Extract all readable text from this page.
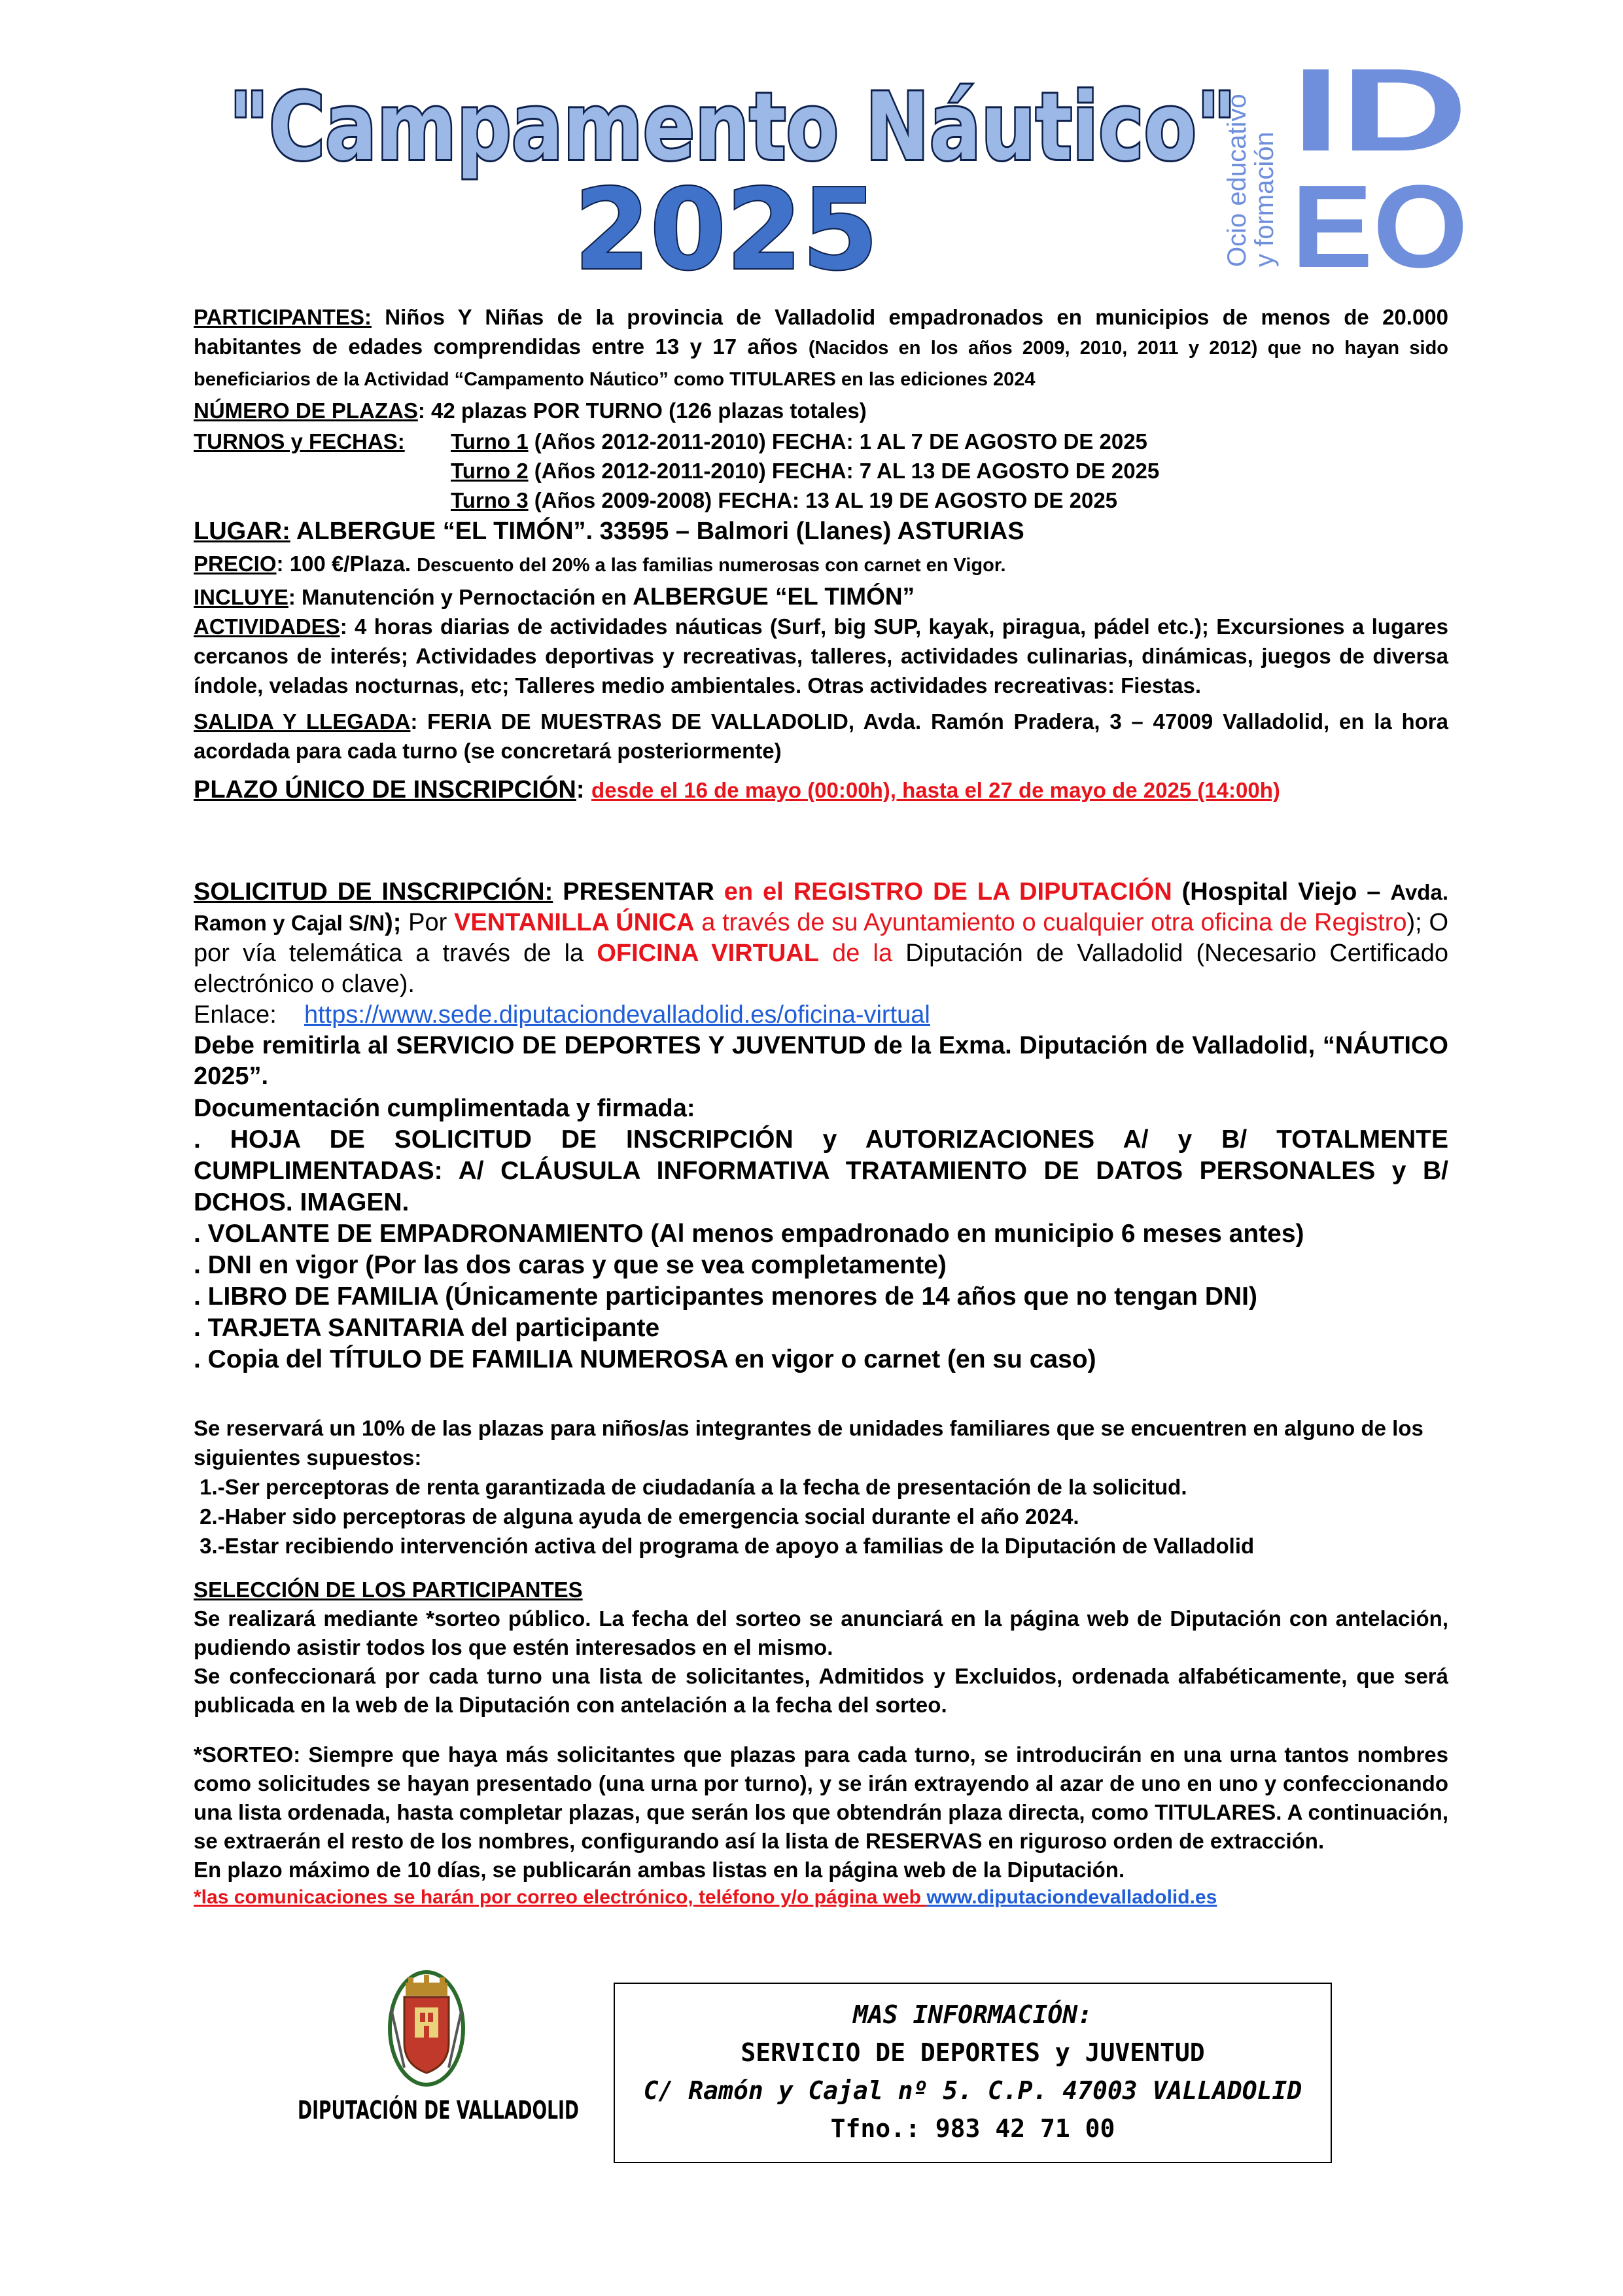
"Campamento Náutico"
2025	Ocio educativo
y formación
ID
EO
PARTICIPANTES: Niños Y Niñas de la provincia de Valladolid empadronados en municipios de menos de 20.000 habitantes de edades comprendidas entre 13 y 17 años (Nacidos en los años 2009, 2010, 2011 y 2012) que no hayan sido beneficiarios de la Actividad “Campamento Náutico” como TITULARES en las ediciones 2024
NÚMERO DE PLAZAS: 42 plazas POR TURNO (126 plazas totales)
TURNOS y FECHAS: Turno 1 (Años 2012-2011-2010) FECHA: 1 AL 7 DE AGOSTO DE 2025
Turno 2 (Años 2012-2011-2010) FECHA: 7 AL 13 DE AGOSTO DE 2025
Turno 3 (Años 2009-2008) FECHA: 13 AL 19 DE AGOSTO DE 2025
LUGAR: ALBERGUE “EL TIMÓN”. 33595 – Balmori (Llanes) ASTURIAS
PRECIO: 100 €/Plaza. Descuento del 20% a las familias numerosas con carnet en Vigor.
INCLUYE: Manutención y Pernoctación en ALBERGUE “EL TIMÓN”
ACTIVIDADES: 4 horas diarias de actividades náuticas (Surf, big SUP, kayak, piragua, pádel etc.); Excursiones a lugares cercanos de interés; Actividades deportivas y recreativas, talleres, actividades culinarias, dinámicas, juegos de diversa índole, veladas nocturnas, etc; Talleres medio ambientales. Otras actividades recreativas: Fiestas.
SALIDA Y LLEGADA: FERIA DE MUESTRAS DE VALLADOLID, Avda. Ramón Pradera, 3 – 47009 Valladolid, en la hora acordada para cada turno (se concretará posteriormente)
PLAZO ÚNICO DE INSCRIPCIÓN: desde el 16 de mayo (00:00h), hasta el 27 de mayo de 2025 (14:00h)
SOLICITUD DE INSCRIPCIÓN: PRESENTAR en el REGISTRO DE LA DIPUTACIÓN (Hospital Viejo – Avda. Ramon y Cajal S/N); Por VENTANILLA ÚNICA a través de su Ayuntamiento o cualquier otra oficina de Registro); O por vía telemática a través de la OFICINA VIRTUAL de la Diputación de Valladolid (Necesario Certificado electrónico o clave).
Enlace: https://www.sede.diputaciondevalladolid.es/oficina-virtual
Debe remitirla al SERVICIO DE DEPORTES Y JUVENTUD de la Exma. Diputación de Valladolid, “NÁUTICO 2025”.
Documentación cumplimentada y firmada:
. HOJA DE SOLICITUD DE INSCRIPCIÓN y AUTORIZACIONES A/ y B/ TOTALMENTE CUMPLIMENTADAS: A/ CLÁUSULA INFORMATIVA TRATAMIENTO DE DATOS PERSONALES y B/ DCHOS. IMAGEN.
. VOLANTE DE EMPADRONAMIENTO (Al menos empadronado en municipio 6 meses antes)
. DNI en vigor (Por las dos caras y que se vea completamente)
. LIBRO DE FAMILIA (Únicamente participantes menores de 14 años que no tengan DNI)
. TARJETA SANITARIA del participante
. Copia del TÍTULO DE FAMILIA NUMEROSA en vigor o carnet (en su caso)
Se reservará un 10% de las plazas para niños/as integrantes de unidades familiares que se encuentren en alguno de los siguientes supuestos:
1.-Ser perceptoras de renta garantizada de ciudadanía a la fecha de presentación de la solicitud.
2.-Haber sido perceptoras de alguna ayuda de emergencia social durante el año 2024.
3.-Estar recibiendo intervención activa del programa de apoyo a familias de la Diputación de Valladolid
SELECCIÓN DE LOS PARTICIPANTES
Se realizará mediante *sorteo público. La fecha del sorteo se anunciará en la página web de Diputación con antelación, pudiendo asistir todos los que estén interesados en el mismo.
Se confeccionará por cada turno una lista de solicitantes, Admitidos y Excluidos, ordenada alfabéticamente, que será publicada en la web de la Diputación con antelación a la fecha del sorteo.
*SORTEO: Siempre que haya más solicitantes que plazas para cada turno, se introducirán en una urna tantos nombres como solicitudes se hayan presentado (una urna por turno), y se irán extrayendo al azar de uno en uno y confeccionando una lista ordenada, hasta completar plazas, que serán los que obtendrán plaza directa, como TITULARES. A continuación, se extraerán el resto de los nombres, configurando así la lista de RESERVAS en riguroso orden de extracción.
En plazo máximo de 10 días, se publicarán ambas listas en la página web de la Diputación.
*las comunicaciones se harán por correo electrónico, teléfono y/o página web www.diputaciondevalladolid.es
DIPUTACIÓN DE VALLADOLID
MAS INFORMACIÓN:
SERVICIO DE DEPORTES y JUVENTUD
C/ Ramón y Cajal nº 5. C.P. 47003 VALLADOLID
Tfno.: 983 42 71 00
